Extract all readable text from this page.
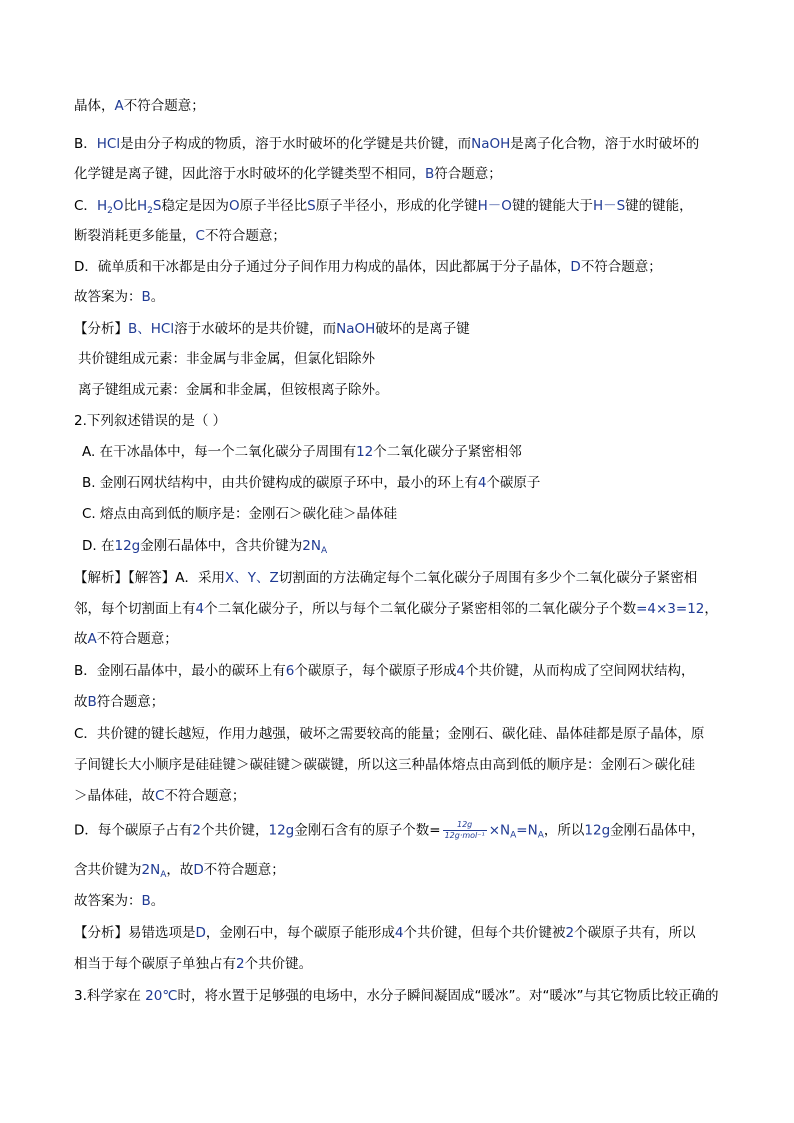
晶体，A不符合题意；
B．HCl是由分子构成的物质，溶于水时破坏的化学键是共价键，而NaOH是离子化合物，溶于水时破坏的
化学键是离子键，因此溶于水时破坏的化学键类型不相同，B符合题意；
C．$H_2O$比$H_2S$稳定是因为O原子半径比S原子半径小，形成的化学键H－O键的键能大于H－S键的键能，
断裂消耗更多能量，C不符合题意；
D．硫单质和干冰都是由分子通过分子间作用力构成的晶体，因此都属于分子晶体，D不符合题意；
故答案为：B。
【分析】B、HCl溶于水破坏的是共价键，而NaOH破坏的是离子键
共价键组成元素：非金属与非金属，但氯化铝除外
离子键组成元素：金属和非金属，但铵根离子除外。
2.下列叙述错误的是（ ）
A. 在干冰晶体中，每一个二氧化碳分子周围有12个二氧化碳分子紧密相邻
B. 金刚石网状结构中，由共价键构成的碳原子环中，最小的环上有4个碳原子
C. 熔点由高到低的顺序是：金刚石＞碳化硅＞晶体硅
D. 在12g金刚石晶体中，含共价键为$2N_A$
【解析】【解答】A．采用X、Y、Z切割面的方法确定每个二氧化碳分子周围有多少个二氧化碳分子紧密相
邻，每个切割面上有4个二氧化碳分子，所以与每个二氧化碳分子紧密相邻的二氧化碳分子个数=4×3=12，
故A不符合题意；
B．金刚石晶体中，最小的碳环上有6个碳原子，每个碳原子形成4个共价键，从而构成了空间网状结构，
故B符合题意；
C．共价键的键长越短，作用力越强，破坏之需要较高的能量；金刚石、碳化硅、晶体硅都是原子晶体，原
子间键长大小顺序是硅硅键＞碳硅键＞碳碳键，所以这三种晶体熔点由高到低的顺序是：金刚石＞碳化硅
＞晶体硅，故C不符合题意；
D．每个碳原子占有2个共价键，12g金刚石含有的原子个数= $\frac{12g}{\text{12g·mol⁻¹}} \times N_A=N_A$，所以12g金刚石晶体中，
含共价键为$2N_A$，故D不符合题意；
故答案为：B。
【分析】易错选项是D，金刚石中，每个碳原子能形成4个共价键，但每个共价键被2个碳原子共有，所以
相当于每个碳原子单独占有2个共价键。
3.科学家在 20℃时，将水置于足够强的电场中，水分子瞬间凝固成“暖冰”。对“暖冰”与其它物质比较正确的
